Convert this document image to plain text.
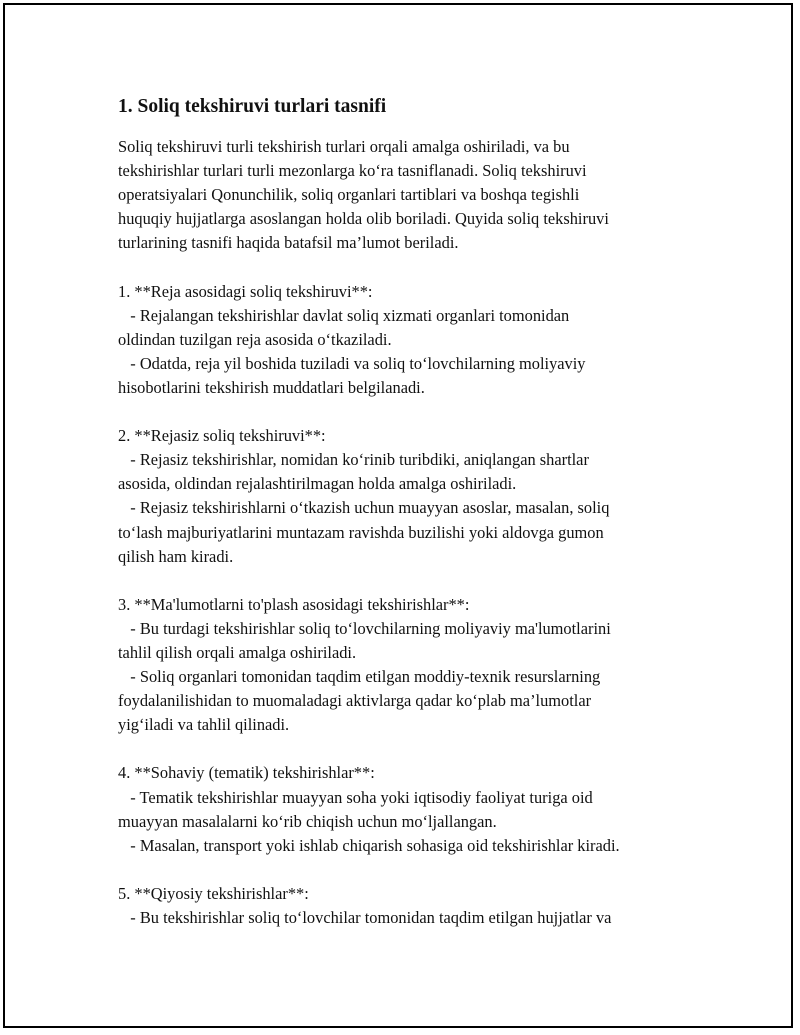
1. Soliq tekshiruvi turlari tasnifi
Soliq tekshiruvi turli tekshirish turlari orqali amalga oshiriladi, va bu
tekshirishlar turlari turli mezonlarga ko‘ra tasniflanadi. Soliq tekshiruvi
operatsiyalari Qonunchilik, soliq organlari tartiblari va boshqa tegishli
huquqiy hujjatlarga asoslangan holda olib boriladi. Quyida soliq tekshiruvi
turlarining tasnifi haqida batafsil ma’lumot beriladi.
1. **Reja asosidagi soliq tekshiruvi**:
- Rejalangan tekshirishlar davlat soliq xizmati organlari tomonidan
oldindan tuzilgan reja asosida o‘tkaziladi.
- Odatda, reja yil boshida tuziladi va soliq to‘lovchilarning moliyaviy
hisobotlarini tekshirish muddatlari belgilanadi.
2. **Rejasiz soliq tekshiruvi**:
- Rejasiz tekshirishlar, nomidan ko‘rinib turibdiki, aniqlangan shartlar
asosida, oldindan rejalashtirilmagan holda amalga oshiriladi.
- Rejasiz tekshirishlarni o‘tkazish uchun muayyan asoslar, masalan, soliq
to‘lash majburiyatlarini muntazam ravishda buzilishi yoki aldovga gumon
qilish ham kiradi.
3. **Ma'lumotlarni to'plash asosidagi tekshirishlar**:
- Bu turdagi tekshirishlar soliq to‘lovchilarning moliyaviy ma'lumotlarini
tahlil qilish orqali amalga oshiriladi.
- Soliq organlari tomonidan taqdim etilgan moddiy-texnik resurslarning
foydalanilishidan to muomaladagi aktivlarga qadar ko‘plab ma’lumotlar
yig‘iladi va tahlil qilinadi.
4. **Sohaviy (tematik) tekshirishlar**:
- Tematik tekshirishlar muayyan soha yoki iqtisodiy faoliyat turiga oid
muayyan masalalarni ko‘rib chiqish uchun mo‘ljallangan.
- Masalan, transport yoki ishlab chiqarish sohasiga oid tekshirishlar kiradi.
5. **Qiyosiy tekshirishlar**:
- Bu tekshirishlar soliq to‘lovchilar tomonidan taqdim etilgan hujjatlar va
